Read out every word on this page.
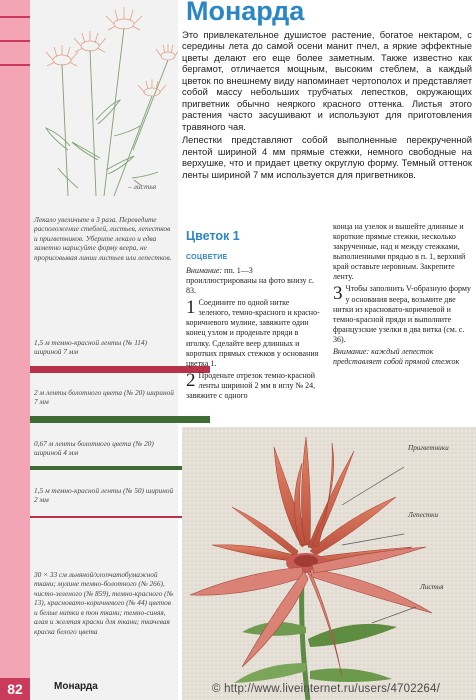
– листья
Лекало увеличьте в 3 раза. Переведите расположение стеблей, листьев, лепестков и пригветников. Уберите лекало и едва заметно нарисуйте форму веера, не прорисовывая линии листьев или лепестков.
1,5 м темно-красной ленты (№ 114) шириной 7 мм
2 м ленты болотного цвета (№ 20) шириной 7 мм
0,67 м ленты болотного цвета (№ 20) шириной 4 мм
1,5 м темно-красной ленты (№ 50) шириной 2 мм
30 × 33 см льняной/хлопчатобумажной ткани; мулине темно-болотного (№ 266), чисто-зеленого (№ 859), темно-красного (№ 13), красновато-коричневого (№ 44) цветов и белые нитки в тон ткани; темно-синяя, алая и желтая краски для ткани; ткачевая краска белого цвета
Монарда

Это привлекательное душистое растение, богатое нектаром, с середины лета до самой осени манит пчел, а яркие эффектные цветы делают его еще более заметным. Также известно как бергамот, отличается мощным, высоким стеблем, а каждый цветок по внешнему виду напоминает чертополох и представляет собой массу небольших трубчатых лепестков, окружающих пригветник обычно неяркого красного оттенка. Листья этого растения часто засушивают и используют для приготовления травяного чая.

Лепестки представляют собой выполненные перекрученной лентой шириной 4 мм прямые стежки, немного свободные на верхушке, что и придает цветку округлую форму. Темный оттенок ленты шириной 7 мм используется для пригветников.

Цветок 1
СОЦВЕТИЕ

Внимание: пп. 1—3 проиллюстрированы на фото внизу с. 83.

1 Соедините по одной нитке зеленого, темно-красного и красно-коричневого мулине, завяжите один конец узлом и проденьте пряди в иголку. Сделайте веер длинных и коротких прямых стежков у основания цветка 1.

2 Проденьте отрезок темно-красной ленты шириной 2 мм в иглу № 24, завяжите с одного

конца на узелок и вышейте длинные и короткие прямые стежки, несколько закрученные, над и между стежками, выполненными прядью в п. 1, верхний край оставьте неровным. Закрепите ленту.

3 Чтобы заполнить V-образную форму у основания веера, возьмите две нитки из красновато-коричневой и темно-красной пряди и выполните французские узелки в два витка (см. с. 36).

Внимание: каждый лепесток представляет собой прямой стежок

Пригветники
Лепестки
Листья
82	Монарда	© http://www.liveinternet.ru/users/4702264/
